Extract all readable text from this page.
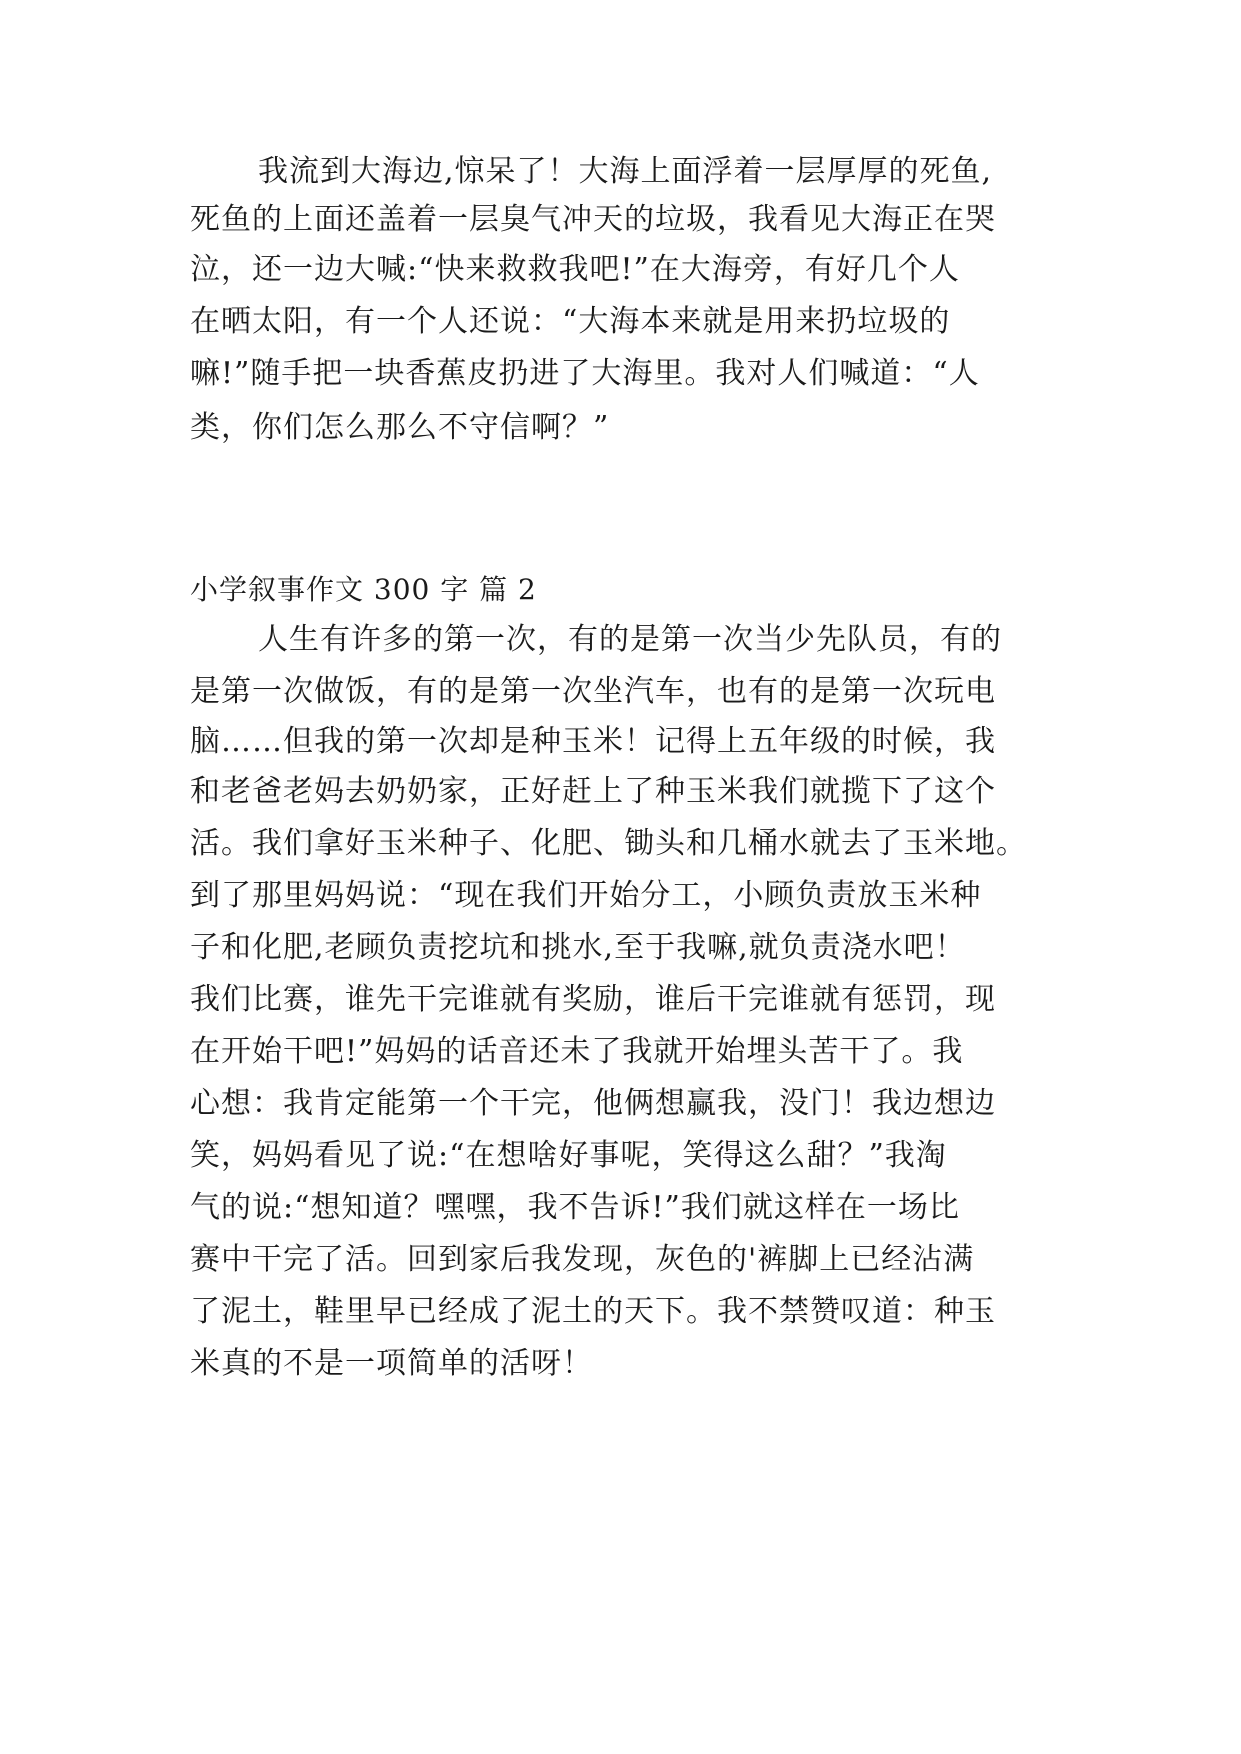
我流到大海边,惊呆了！大海上面浮着一层厚厚的死鱼,
死鱼的上面还盖着一层臭气冲天的垃圾，我看见大海正在哭
泣，还一边大喊:“快来救救我吧!”在大海旁，有好几个人
在晒太阳，有一个人还说：“大海本来就是用来扔垃圾的
嘛!”随手把一块香蕉皮扔进了大海里。我对人们喊道：“人
类，你们怎么那么不守信啊？”
小学叙事作文 300 字 篇 2
人生有许多的第一次，有的是第一次当少先队员，有的
是第一次做饭，有的是第一次坐汽车，也有的是第一次玩电
脑……但我的第一次却是种玉米！记得上五年级的时候，我
和老爸老妈去奶奶家，正好赶上了种玉米我们就揽下了这个
活。我们拿好玉米种子、化肥、锄头和几桶水就去了玉米地。
到了那里妈妈说：“现在我们开始分工，小顾负责放玉米种
子和化肥,老顾负责挖坑和挑水,至于我嘛,就负责浇水吧！
我们比赛，谁先干完谁就有奖励，谁后干完谁就有惩罚，现
在开始干吧!”妈妈的话音还未了我就开始埋头苦干了。我
心想：我肯定能第一个干完，他俩想赢我，没门！我边想边
笑，妈妈看见了说:“在想啥好事呢，笑得这么甜？”我淘
气的说:“想知道？嘿嘿，我不告诉!”我们就这样在一场比
赛中干完了活。回到家后我发现，灰色的'裤脚上已经沾满
了泥土，鞋里早已经成了泥土的天下。我不禁赞叹道：种玉
米真的不是一项简单的活呀！
